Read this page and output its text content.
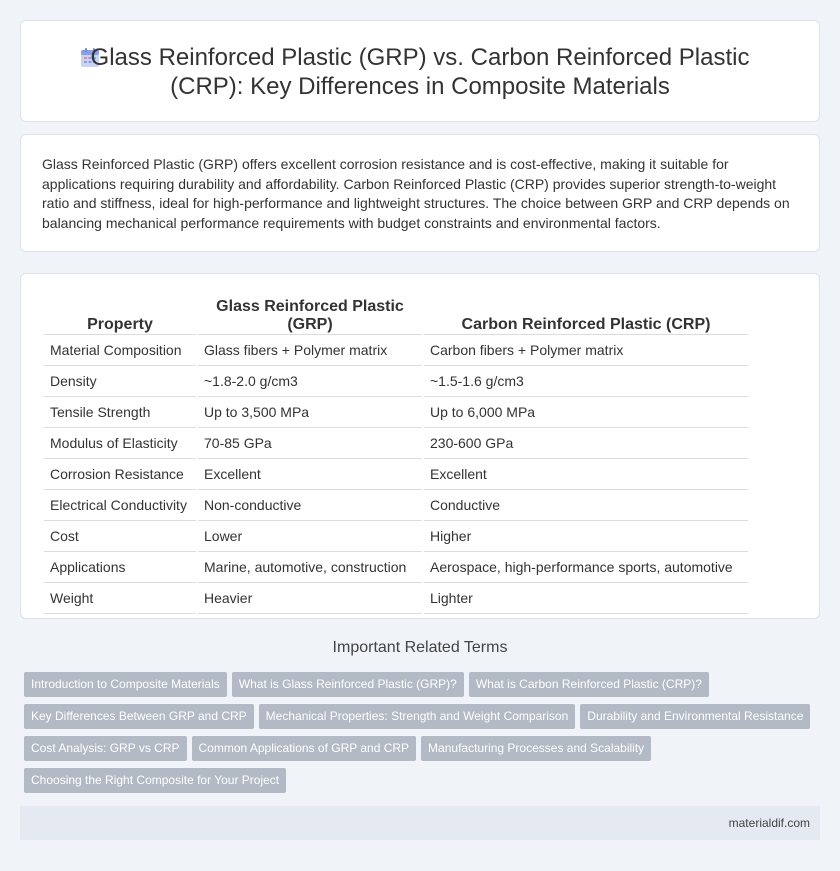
Glass Reinforced Plastic (GRP) vs. Carbon Reinforced Plastic (CRP): Key Differences in Composite Materials

Glass Reinforced Plastic (GRP) offers excellent corrosion resistance and is cost-effective, making it suitable for applications requiring durability and affordability. Carbon Reinforced Plastic (CRP) provides superior strength-to-weight ratio and stiffness, ideal for high-performance and lightweight structures. The choice between GRP and CRP depends on balancing mechanical performance requirements with budget constraints and environmental factors.

Property	Glass Reinforced Plastic (GRP)	Carbon Reinforced Plastic (CRP)
Material Composition	Glass fibers + Polymer matrix	Carbon fibers + Polymer matrix
Density	~1.8-2.0 g/cm3	~1.5-1.6 g/cm3
Tensile Strength	Up to 3,500 MPa	Up to 6,000 MPa
Modulus of Elasticity	70-85 GPa	230-600 GPa
Corrosion Resistance	Excellent	Excellent
Electrical Conductivity	Non-conductive	Conductive
Cost	Lower	Higher
Applications	Marine, automotive, construction	Aerospace, high-performance sports, automotive
Weight	Heavier	Lighter
Important Related Terms
Introduction to Composite Materials What is Glass Reinforced Plastic (GRP)? What is Carbon Reinforced Plastic (CRP)?
Key Differences Between GRP and CRP Mechanical Properties: Strength and Weight Comparison Durability and Environmental Resistance
Cost Analysis: GRP vs CRP Common Applications of GRP and CRP Manufacturing Processes and Scalability
Choosing the Right Composite for Your Project
materialdif.com
